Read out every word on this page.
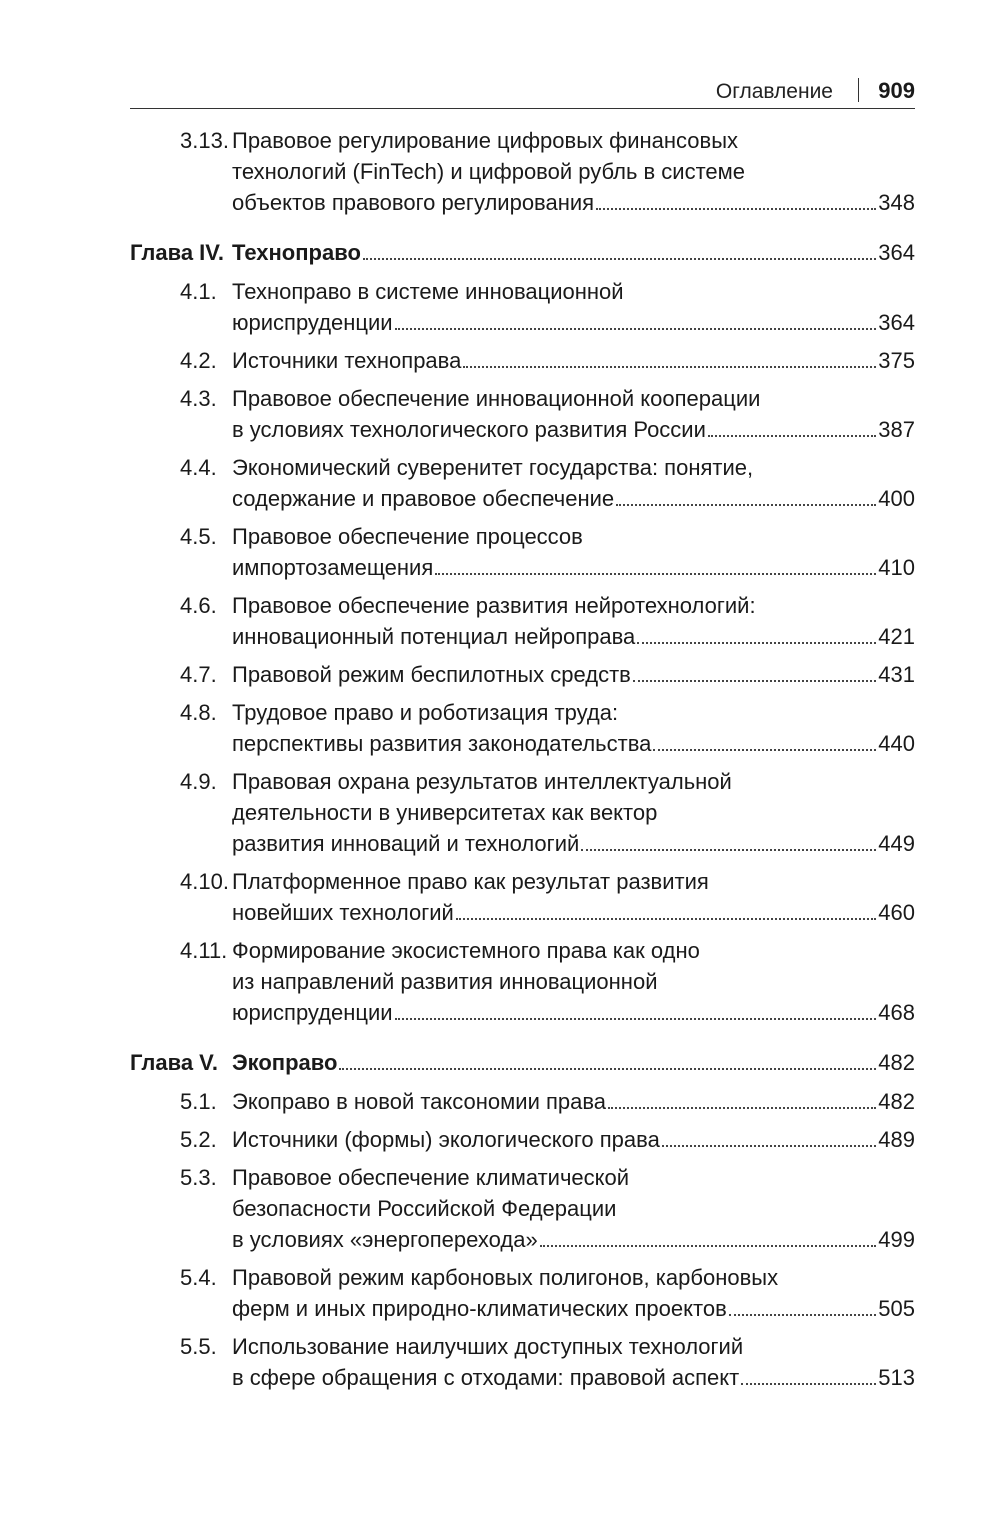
Оглавление 909
3.13. Правовое регулирование цифровых финансовых
технологий (FinTech) и цифровой рубль в системе
объектов правового регулирования	348
Глава IV. Технoправо	364
4.1. Технoправо в системе инновационной
юриспруденции	364
4.2. Источники технoправа	375
4.3. Правовое обеспечение инновационной кооперации
в условиях технологического развития России	387
4.4. Экономический суверенитет государства: понятие,
содержание и правовое обеспечение	400
4.5. Правовое обеспечение процессов
импортозамещения	410
4.6. Правовое обеспечение развития нейротехнологий:
инновационный потенциал нейроправа	421
4.7. Правовой режим беспилотных средств	431
4.8. Трудовое право и роботизация труда:
перспективы развития законодательства	440
4.9. Правовая охрана результатов интеллектуальной
деятельности в университетах как вектор
развития инноваций и технологий	449
4.10. Платформенное право как результат развития
новейших технологий	460
4.11. Формирование экосистемного права как одно
из направлений развития инновационной
юриспруденции	468
Глава V. Экоправо	482
5.1. Экоправо в новой таксономии права	482
5.2. Источники (формы) экологического права	489
5.3. Правовое обеспечение климатической
безопасности Российской Федерации
в условиях «энергоперехода»	499
5.4. Правовой режим карбоновых полигонов, карбоновых
ферм и иных природно-климатических проектов	505
5.5. Использование наилучших доступных технологий
в сфере обращения с отходами: правовой аспект	513
